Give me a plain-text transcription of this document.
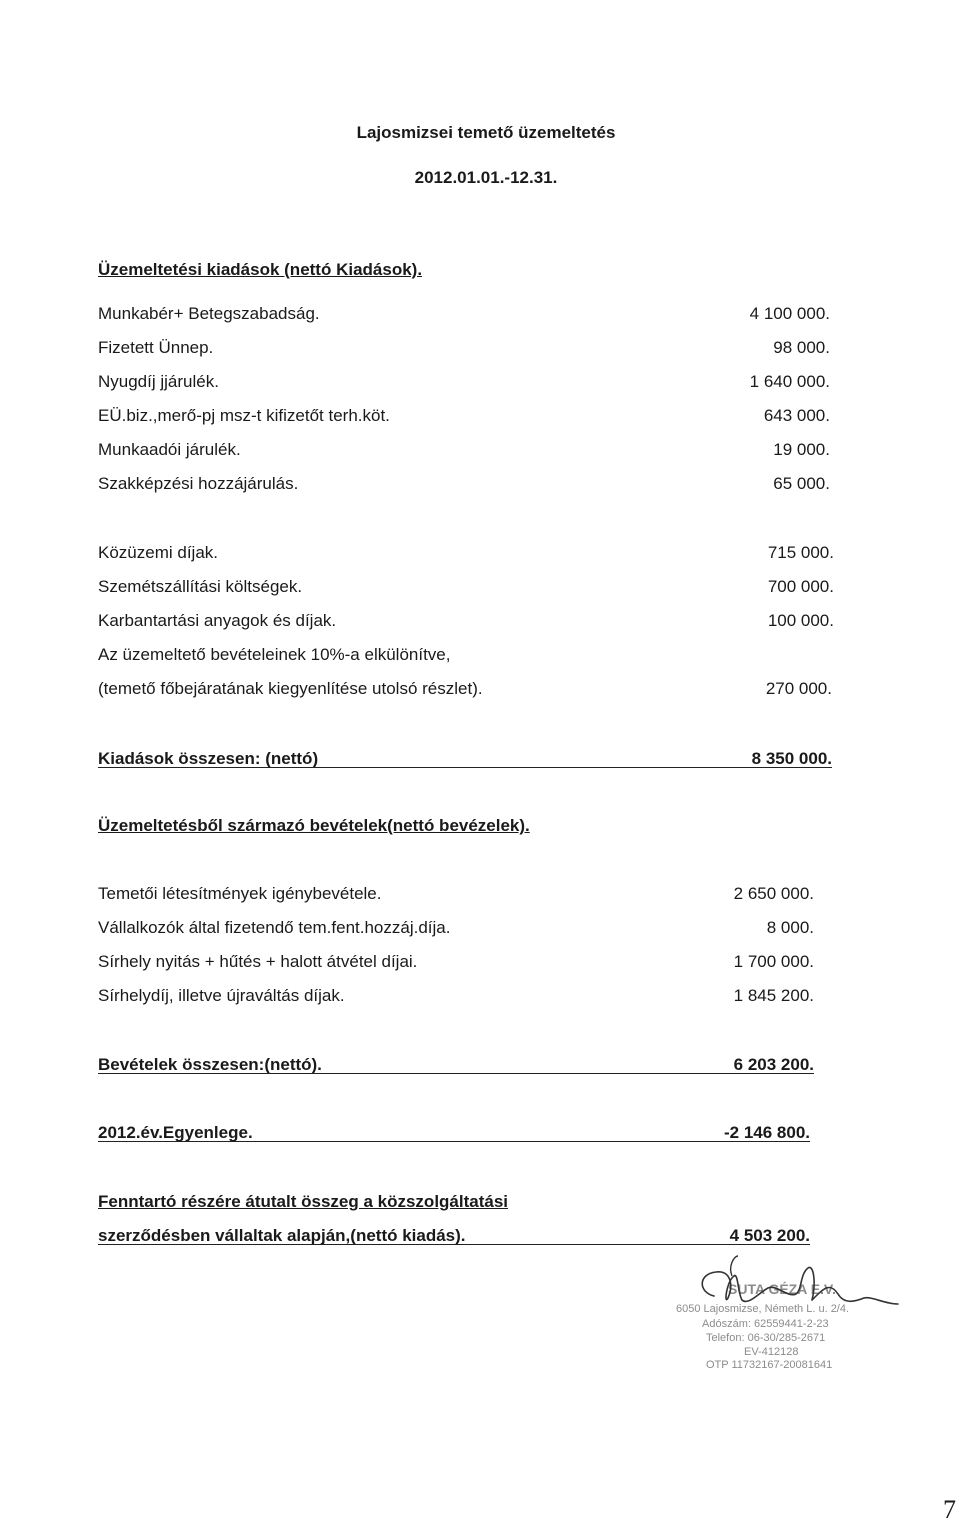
Lajosmizsei temető üzemeltetés
2012.01.01.-12.31.
Üzemeltetési kiadások (nettó Kiadások).
Munkabér+ Betegszabadság.	4 100 000.
Fizetett Ünnep.	98 000.
Nyugdíj jjárulék.	1 640 000.
EÜ.biz.,merő-pj msz-t kifizetőt terh.köt.	643 000.
Munkaadói járulék.	19 000.
Szakképzési hozzájárulás.	65 000.
Közüzemi díjak.	715 000.
Szemétszállítási költségek.	700 000.
Karbantartási anyagok és díjak.	100 000.
Az üzemeltető bevételeinek 10%-a elkülönítve,
(temető főbejáratának kiegyenlítése utolsó részlet).	270 000.
Kiadások összesen: (nettó)	8 350 000.
Üzemeltetésből származó bevételek(nettó bevézelek).
Temetői létesítmények igénybevétele.	2 650 000.
Vállalkozók által fizetendő tem.fent.hozzáj.díja.	8 000.
Sírhely nyitás + hűtés + halott átvétel díjai.	1 700 000.
Sírhelydíj, illetve újraváltás díjak.	1 845 200.
Bevételek összesen:(nettó).	6 203 200.
2012.év.Egyenlege.	-2 146 800.
Fenntartó részére átutalt összeg a közszolgáltatási
szerződésben vállaltak alapján,(nettó kiadás).	4 503 200.
SUTA GÉZA E.V.
6050 Lajosmizse, Németh L. u. 2/4.
Adószám: 62559441-2-23
Telefon: 06-30/285-2671
EV-412128
OTP 11732167-20081641
7
